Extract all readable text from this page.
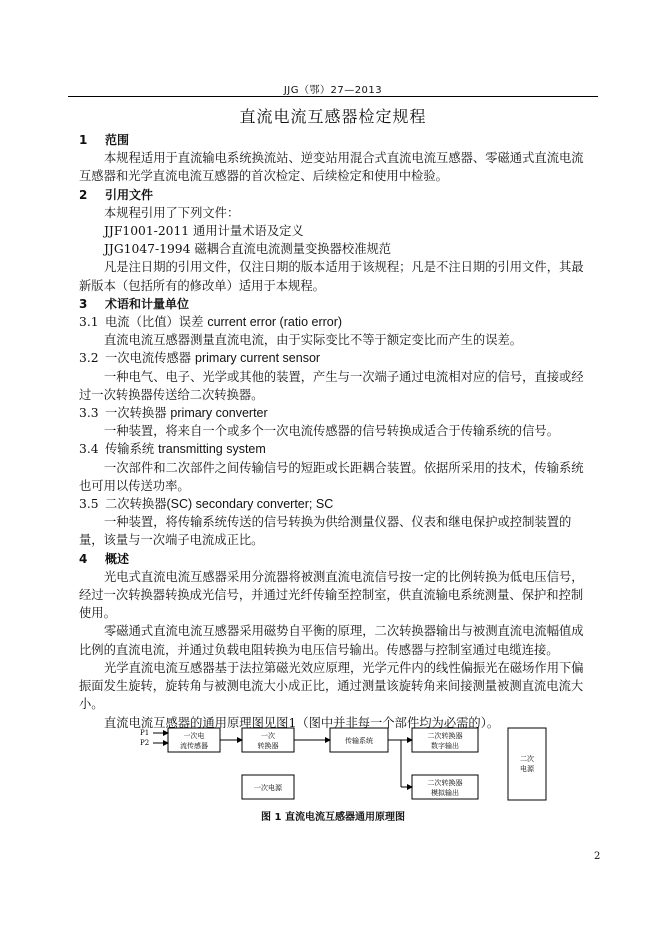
JJG（鄂）27—2013
直流电流互感器检定规程

1 范围

本规程适用于直流输电系统换流站、逆变站用混合式直流电流互感器、零磁通式直流电流互感器和光学直流电流互感器的首次检定、后续检定和使用中检验。

2 引用文件

本规程引用了下列文件：

JJF1001-2011 通用计量术语及定义

JJG1047-1994 磁耦合直流电流测量变换器校准规范

凡是注日期的引用文件，仅注日期的版本适用于该规程；凡是不注日期的引用文件，其最新版本（包括所有的修改单）适用于本规程。

3 术语和计量单位

3.1 电流（比值）误差 current error (ratio error)

直流电流互感器测量直流电流，由于实际变比不等于额定变比而产生的误差。

3.2 一次电流传感器 primary current sensor

一种电气、电子、光学或其他的装置，产生与一次端子通过电流相对应的信号，直接或经过一次转换器传送给二次转换器。

3.3 一次转换器 primary converter

一种装置，将来自一个或多个一次电流传感器的信号转换成适合于传输系统的信号。

3.4 传输系统 transmitting system

一次部件和二次部件之间传输信号的短距或长距耦合装置。依据所采用的技术，传输系统也可用以传送功率。

3.5 二次转换器(SC) secondary converter; SC

一种装置，将传输系统传送的信号转换为供给测量仪器、仪表和继电保护或控制装置的量，该量与一次端子电流成正比。

4 概述

光电式直流电流互感器采用分流器将被测直流电流信号按一定的比例转换为低电压信号，经过一次转换器转换成光信号，并通过光纤传输至控制室，供直流输电系统测量、保护和控制使用。

零磁通式直流电流互感器采用磁势自平衡的原理，二次转换器输出与被测直流电流幅值成比例的直流电流，并通过负载电阻转换为电压信号输出。传感器与控制室通过电缆连接。

光学直流电流互感器基于法拉第磁光效应原理，光学元件内的线性偏振光在磁场作用下偏振面发生旋转，旋转角与被测电流大小成正比，通过测量该旋转角来间接测量被测直流电流大小。

直流电流互感器的通用原理图见图1（图中并非每一个部件均为必需的）。

P1
P2
一次电
流传感器
一次
转换器
传输系统
二次转换器
数字输出
二次转换器
模拟输出
二次
电源
一次电源
图 1 直流电流互感器通用原理图
2
